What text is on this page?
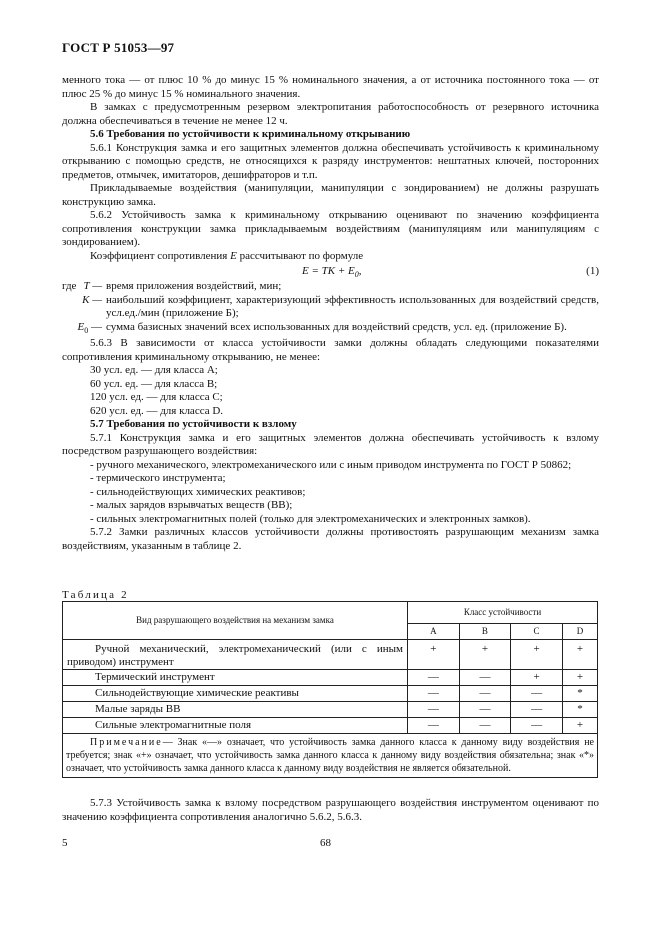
ГОСТ Р 51053—97

менного тока — от плюс 10 % до минус 15 % номинального значения, а от источника постоянного тока — от плюс 25 % до минус 15 % номинального значения.

В замках с предусмотренным резервом электропитания работоспособность от резервного источника должна обеспечиваться в течение не менее 12 ч.

5.6 Требования по устойчивости к криминальному открыванию

5.6.1 Конструкция замка и его защитных элементов должна обеспечивать устойчивость к криминальному открыванию с помощью средств, не относящихся к разряду инструментов: нештатных ключей, посторонних предметов, отмычек, имитаторов, дешифраторов и т.п.

Прикладываемые воздействия (манипуляции, манипуляции с зондированием) не должны разрушать конструкцию замка.

5.6.2 Устойчивость замка к криминальному открыванию оценивают по значению коэффициента сопротивления конструкции замка прикладываемым воздействиям (манипуляциям или манипуляциям с зондированием).

Коэффициент сопротивления E рассчитывают по формуле

E = TK + $E_0$,	(1)
где T — время приложения воздействий, мин;
K — наибольший коэффициент, характеризующий эффективность использованных для воздействий средств, усл.ед./мин (приложение Б);
$E_0$ — сумма базисных значений всех использованных для воздействий средств, усл. ед. (приложение Б).

5.6.3 В зависимости от класса устойчивости замки должны обладать следующими показателями сопротивления криминальному открыванию, не менее:

30 усл. ед. — для класса А;

60 усл. ед. — для класса В;

120 усл. ед. — для класса С;

620 усл. ед. — для класса D.

5.7 Требования по устойчивости к взлому

5.7.1 Конструкция замка и его защитных элементов должна обеспечивать устойчивость к взлому посредством разрушающего воздействия:

- ручного механического, электромеханического или с иным приводом инструмента по ГОСТ Р 50862;

- термического инструмента;

- сильнодействующих химических реактивов;

- малых зарядов взрывчатых веществ (ВВ);

- сильных электромагнитных полей (только для электромеханических и электронных замков).

5.7.2 Замки различных классов устойчивости должны противостоять разрушающим механизм замка воздействиям, указанным в таблице 2.

Таблица 2
Вид разрушающего воздействия на механизм замка	Класс устойчивости			
	А	В	С	D
Ручной механический, электромеханический (или с иным приводом) инструмент	+	+	+	+
Термический инструмент	—	—	+	+
Сильнодействующие химические реактивы	—	—	—	*
Малые заряды ВВ	—	—	—	*
Сильные электромагнитные поля	—	—	—	+
Примечание— Знак «—» означает, что устойчивость замка данного класса к данному виду воздействия не требуется; знак «+» означает, что устойчивость замка данного класса к данному виду воздействия обязательна; знак «*» означает, что устойчивость замка данного класса к данному виду воздействия не является обязательной.				

5.7.3 Устойчивость замка к взлому посредством разрушающего воздействия инструментом оценивают по значению коэффициента сопротивления аналогично 5.6.2, 5.6.3.

5	68
